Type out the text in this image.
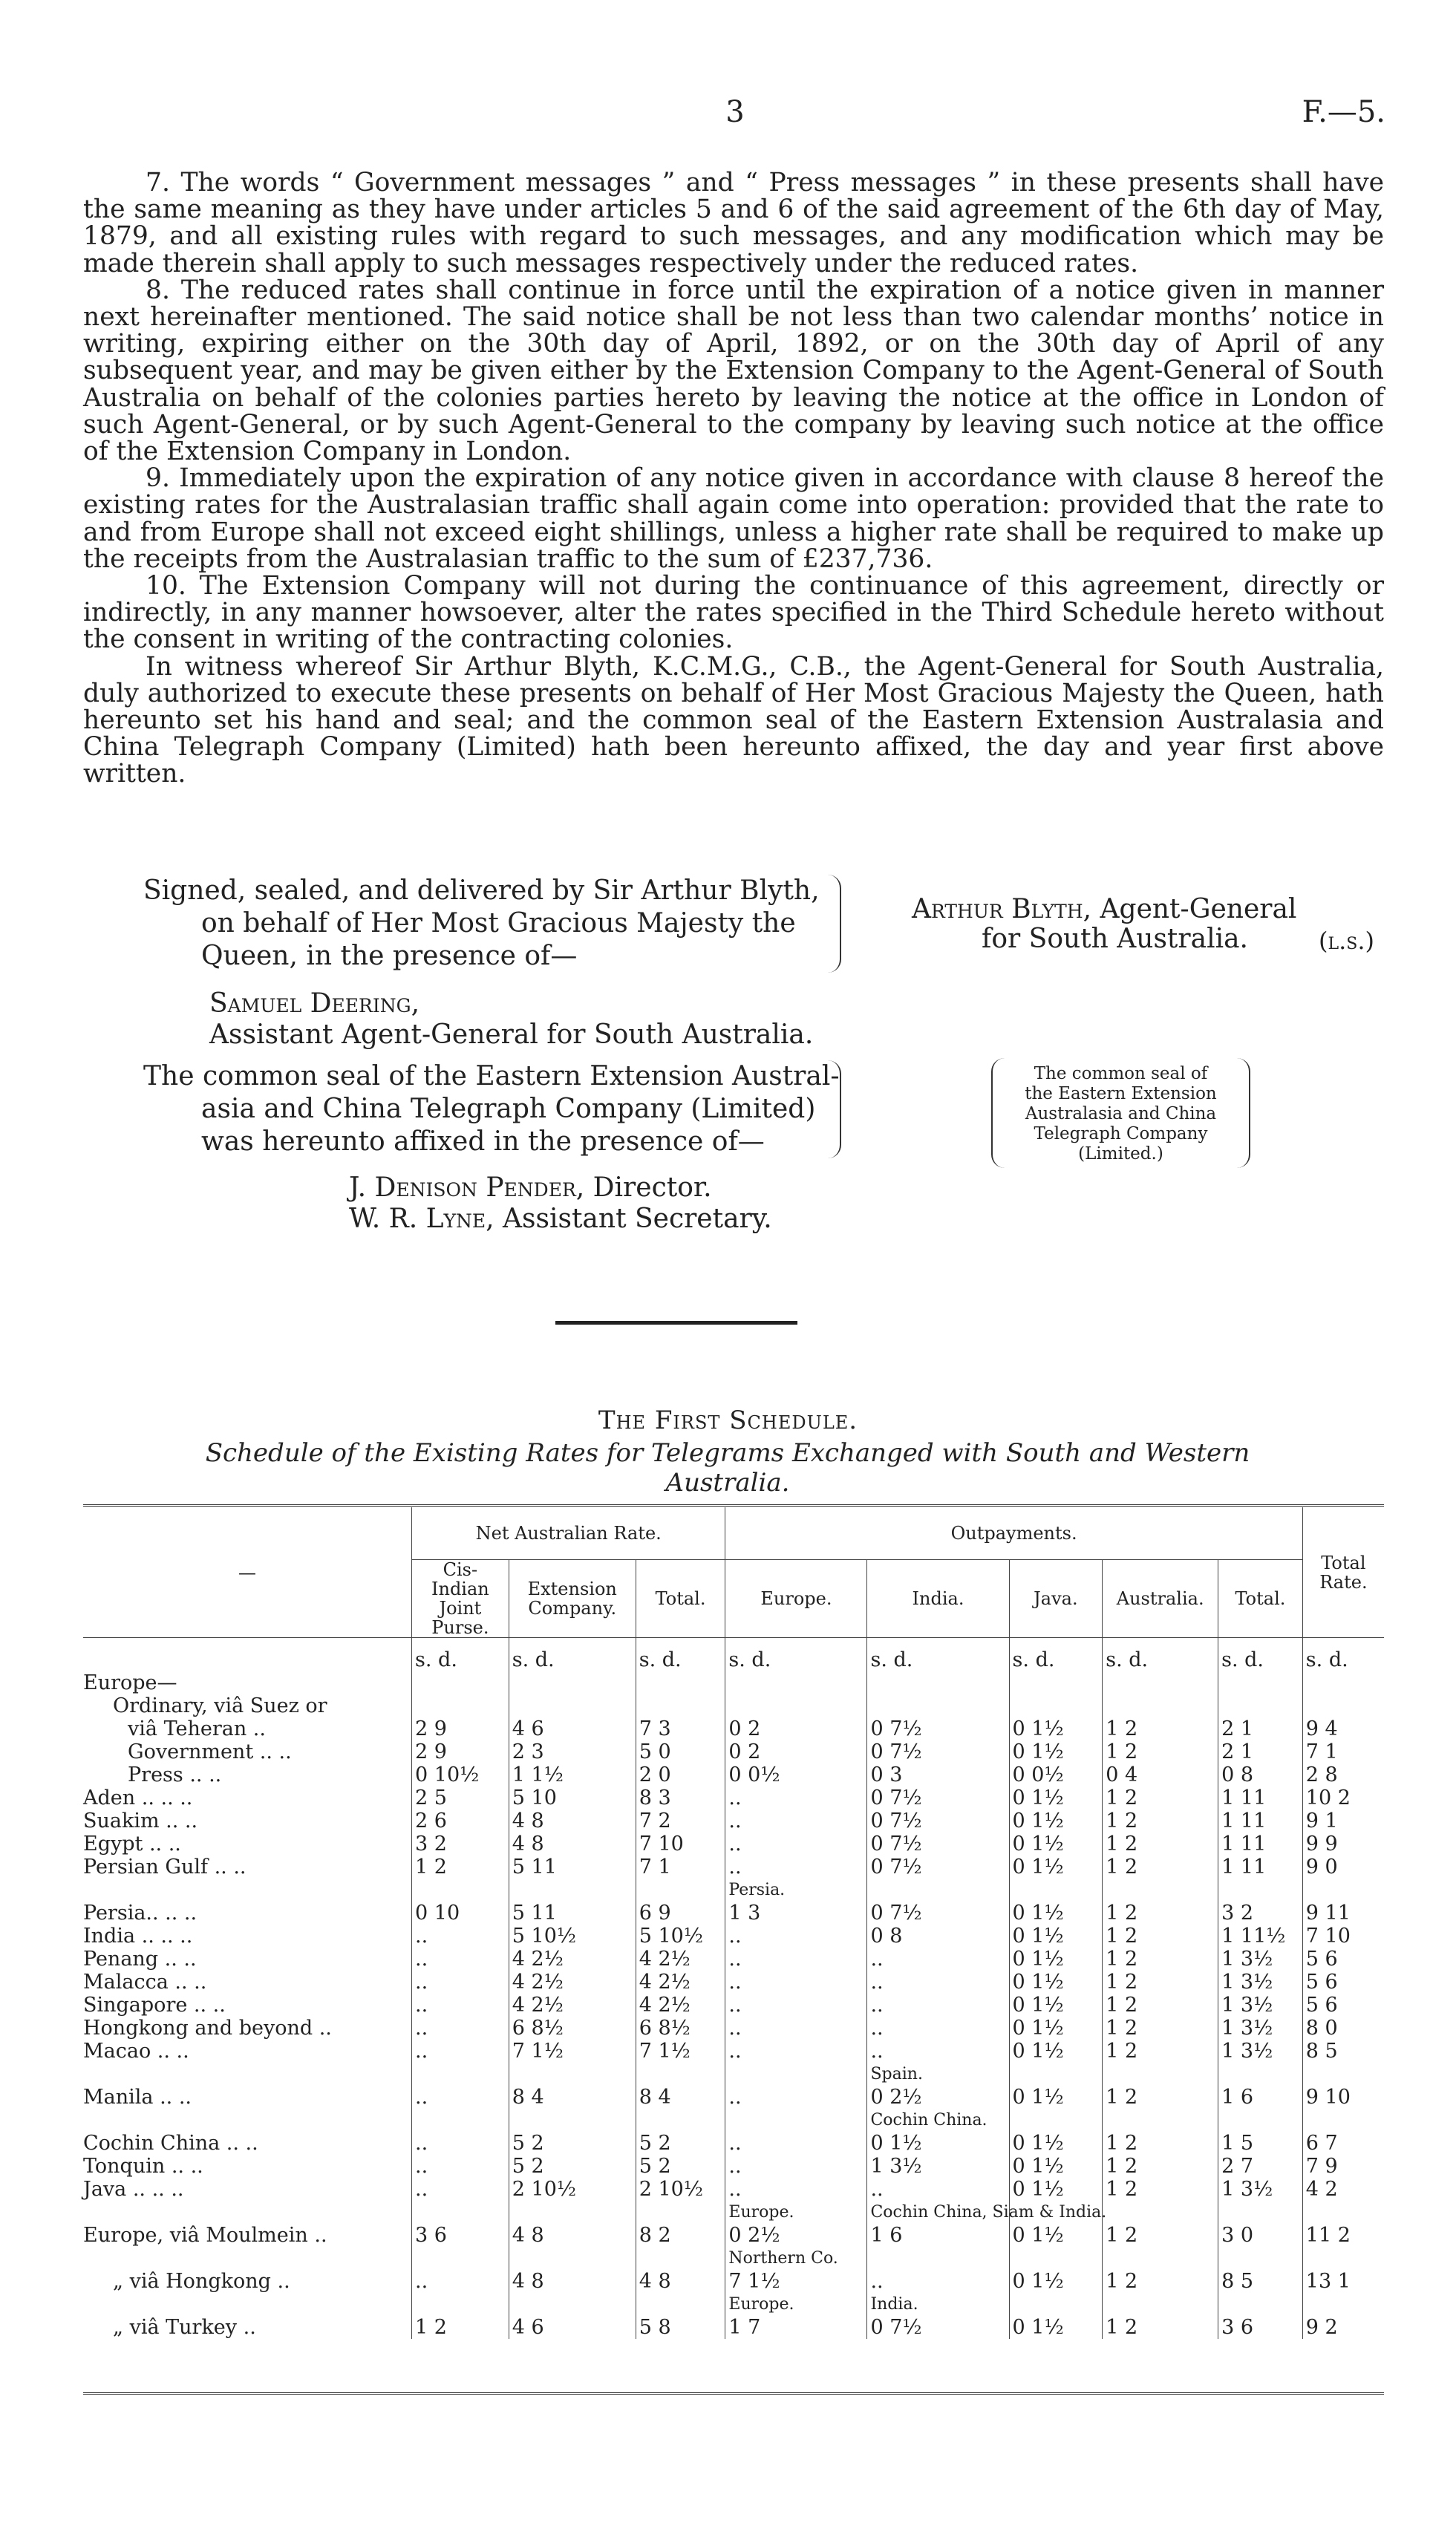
3	F.—5.

7. The words “ Government messages ” and “ Press messages ” in these presents shall have the same meaning as they have under articles 5 and 6 of the said agreement of the 6th day of May, 1879, and all existing rules with regard to such messages, and any modification which may be made therein shall apply to such messages respectively under the reduced rates.

8. The reduced rates shall continue in force until the expiration of a notice given in manner next hereinafter mentioned. The said notice shall be not less than two calendar months’ notice in writing, expiring either on the 30th day of April, 1892, or on the 30th day of April of any subsequent year, and may be given either by the Extension Company to the Agent-General of South Australia on behalf of the colonies parties hereto by leaving the notice at the office in London of such Agent-General, or by such Agent-General to the company by leaving such notice at the office of the Extension Company in London.

9. Immediately upon the expiration of any notice given in accordance with clause 8 hereof the existing rates for the Australasian traffic shall again come into operation: provided that the rate to and from Europe shall not exceed eight shillings, unless a higher rate shall be required to make up the receipts from the Australasian traffic to the sum of £237,736.

10. The Extension Company will not during the continuance of this agreement, directly or indirectly, in any manner howsoever, alter the rates specified in the Third Schedule hereto without the consent in writing of the contracting colonies.

In witness whereof Sir Arthur Blyth, K.C.M.G., C.B., the Agent-General for South Australia, duly authorized to execute these presents on behalf of Her Most Gracious Majesty the Queen, hath hereunto set his hand and seal; and the common seal of the Eastern Extension Australasia and China Telegraph Company (Limited) hath been hereunto affixed, the day and year first above written.

Signed, sealed, and delivered by Sir Arthur Blyth,
on behalf of Her Most Gracious Majesty the
Queen, in the presence of—
Arthur Blyth, Agent-General
for South Australia.	(l.s.)
Samuel Deering,
Assistant Agent-General for South Australia.
The common seal of the Eastern Extension Austral-
asia and China Telegraph Company (Limited)
was hereunto affixed in the presence of—
The common seal of
the Eastern Extension
Australasia and China
Telegraph Company
(Limited.)
J. Denison Pender, Director.
W. R. Lyne, Assistant Secretary.
The First Schedule.
Schedule of the Existing Rates for Telegrams Exchanged with South and Western Australia.
—	Net Australian Rate.			Outpayments.					Total Rate.
	Cis-Indian Joint Purse.	Extension Company.	Total.	Europe.	India.	Java.	Australia.	Total.	

	s. d.	s. d.	s. d.	s. d.	s. d.	s. d.	s. d.	s. d.	s. d.
Europe—									
Ordinary, viâ Suez or									
viâ Teheran ..	2 9	4 6	7 3	0 2	0 7½	0 1½	1 2	2 1	9 4
Government .. ..	2 9	2 3	5 0	0 2	0 7½	0 1½	1 2	2 1	7 1
Press .. ..	0 10½	1 1½	2 0	0 0½	0 3	0 0½	0 4	0 8	2 8
Aden .. .. ..	2 5	5 10	8 3	..	0 7½	0 1½	1 2	1 11	10 2
Suakim .. ..	2 6	4 8	7 2	..	0 7½	0 1½	1 2	1 11	9 1
Egypt .. ..	3 2	4 8	7 10	..	0 7½	0 1½	1 2	1 11	9 9
Persian Gulf .. ..	1 2	5 11	7 1	..	0 7½	0 1½	1 2	1 11	9 0
				Persia.					
Persia.. .. ..	0 10	5 11	6 9	1 3	0 7½	0 1½	1 2	3 2	9 11
India .. .. ..	..	5 10½	5 10½	..	0 8	0 1½	1 2	1 11½	7 10
Penang .. ..	..	4 2½	4 2½	..	..	0 1½	1 2	1 3½	5 6
Malacca .. ..	..	4 2½	4 2½	..	..	0 1½	1 2	1 3½	5 6
Singapore .. ..	..	4 2½	4 2½	..	..	0 1½	1 2	1 3½	5 6
Hongkong and beyond ..	..	6 8½	6 8½	..	..	0 1½	1 2	1 3½	8 0
Macao .. ..	..	7 1½	7 1½	..	..	0 1½	1 2	1 3½	8 5
					Spain.				
Manila .. ..	..	8 4	8 4	..	0 2½	0 1½	1 2	1 6	9 10
					Cochin China.				
Cochin China .. ..	..	5 2	5 2	..	0 1½	0 1½	1 2	1 5	6 7
Tonquin .. ..	..	5 2	5 2	..	1 3½	0 1½	1 2	2 7	7 9
Java .. .. ..	..	2 10½	2 10½	..	..	0 1½	1 2	1 3½	4 2
				Europe.	Cochin China, Siam & India.				
Europe, viâ Moulmein ..	3 6	4 8	8 2	0 2½	1 6	0 1½	1 2	3 0	11 2
				Northern Co.					
„ viâ Hongkong ..	..	4 8	4 8	7 1½	..	0 1½	1 2	8 5	13 1
				Europe.	India.				
„ viâ Turkey ..	1 2	4 6	5 8	1 7	0 7½	0 1½	1 2	3 6	9 2
